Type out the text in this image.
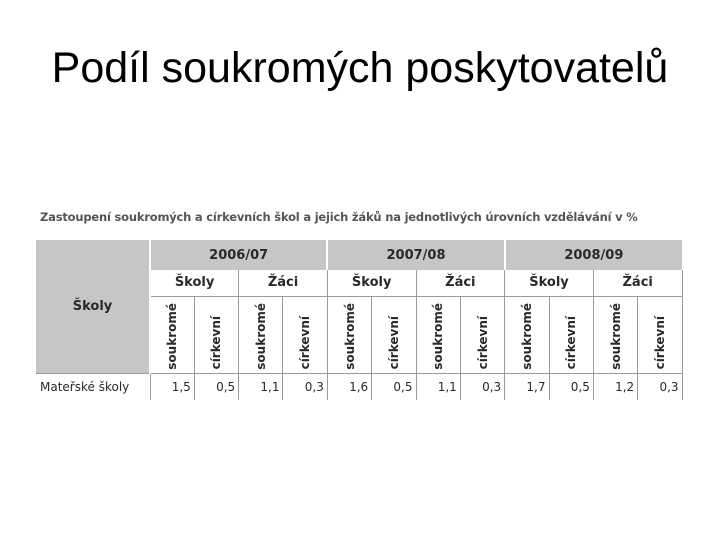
Podíl soukromých poskytovatelů
Zastoupení soukromých a církevních škol a jejich žáků na jednotlivých úrovních vzdělávání v %
Školy	2006/07				2007/08				2008/09			
	Školy		Žáci		Školy		Žáci		Školy		Žáci	
	soukromé	církevní	soukromé	církevní	soukromé	církevní	soukromé	církevní	soukromé	církevní	soukromé	církevní
Mateřské školy	1,5	0,5	1,1	0,3	1,6	0,5	1,1	0,3	1,7	0,5	1,2	0,3
